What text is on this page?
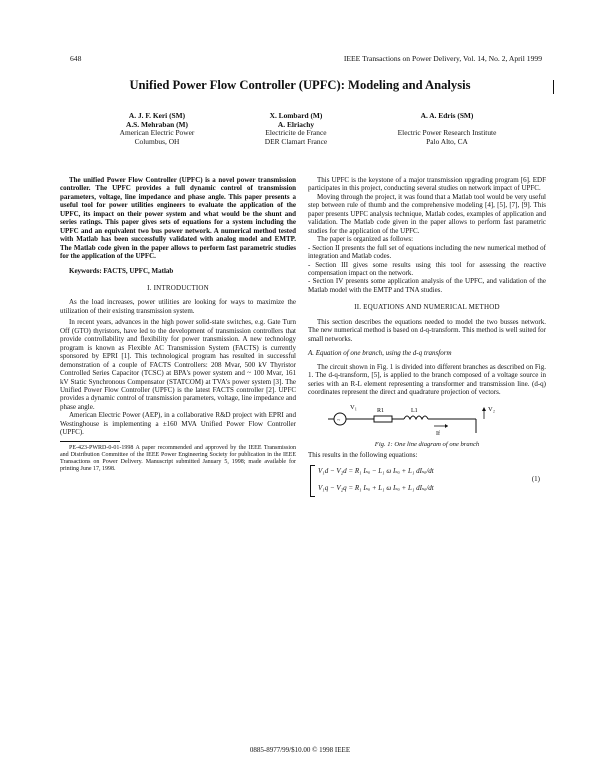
648	IEEE Transactions on Power Delivery, Vol. 14, No. 2, April 1999
Unified Power Flow Controller (UPFC): Modeling and Analysis
A. J. F. Keri (SM)
A.S. Mehraban (M)
American Electric Power
Columbus, OH
X. Lombard (M)
A. Elriachy
Electricite de France
DER Clamart France
A. A. Edris (SM)
Electric Power Research Institute
Palo Alto, CA

The unified Power Flow Controller (UPFC) is a novel power transmission controller. The UPFC provides a full dynamic control of transmission parameters, voltage, line impedance and phase angle. This paper presents a useful tool for power utilities engineers to evaluate the application of the UPFC, its impact on their power system and what would be the shunt and series ratings. This paper gives sets of equations for a system including the UPFC and an equivalent two bus power network. A numerical method tested with Matlab has been successfully validated with analog model and EMTP. The Matlab code given in the paper allows to perform fast parametric studies for the application of the UPFC.

Keywords: FACTS, UPFC, Matlab

I. INTRODUCTION

As the load increases, power utilities are looking for ways to maximize the utilization of their existing transmission system.

In recent years, advances in the high power solid-state switches, e.g. Gate Turn Off (GTO) thyristors, have led to the development of transmission controllers that provide controllability and flexibility for power transmission. A new technology program is known as Flexible AC Transmission System (FACTS) is currently sponsored by EPRI [1]. This technological program has resulted in successful demonstration of a couple of FACTS Controllers: 208 Mvar, 500 kV Thyristor Controlled Series Capacitor (TCSC) at BPA's power system and ~ 100 Mvar, 161 kV Static Synchronous Compensator (STATCOM) at TVA's power system [3]. The Unified Power Flow Controller (UPFC) is the latest FACTS controller [2]. UPFC provides a dynamic control of transmission parameters, voltage, line impedance and phase angle.

American Electric Power (AEP), in a collaborative R&D project with EPRI and Westinghouse is implementing a ±160 MVA Unified Power Flow Controller (UPFC).

PE-423-PWRD-0-01-1998 A paper recommended and approved by the IEEE Transmission and Distribution Committee of the IEEE Power Engineering Society for publication in the IEEE Transactions on Power Delivery. Manuscript submitted January 5, 1998; made available for printing June 17, 1998.

This UPFC is the keystone of a major transmission upgrading program [6]. EDF participates in this project, conducting several studies on network impact of UPFC.

Moving through the project, it was found that a Matlab tool would be very useful step between rule of thumb and the comprehensive modeling [4], [5], [7], [9]. This paper presents UPFC analysis technique, Matlab codes, examples of application and validation. The Matlab code given in the paper allows to perform fast parametric studies for the application of the UPFC.

The paper is organized as follows:

- Section II presents the full set of equations including the new numerical method of integration and Matlab codes.

- Section III gives some results using this tool for assessing the reactive compensation impact on the network.

- Section IV presents some application analysis of the UPFC, and validation of the Matlab model with the EMTP and TNA studies.

II. EQUATIONS AND NUMERICAL METHOD

This section describes the equations needed to model the two busses network. The new numerical method is based on d-q-transform. This method is well suited for small networks.

A. Equation of one branch, using the d-q transform

The circuit shown in Fig. 1 is divided into different branches as described on Fig. 1. The d-q-transform, [5], is applied to the branch composed of a voltage source in series with an R-L element representing a transformer and transmission line. (d-q) coordinates represent the direct and quadrature projection of vectors.

~
V₁	R1	L1
If
V₂
Fig. 1: One line diagram of one branch

This results in the following equations:

V₁d − V₂d = R₁ Iₛₐ − L₁ ω Iₛₐ + L₁ dIₛₐ/dt
V₁q − V₂q = R₁ Iₛₐ + L₁ ω Iₛₐ + L₁ dIₛₐ/dt
(1)
0885-8977/99/$10.00 © 1998 IEEE
